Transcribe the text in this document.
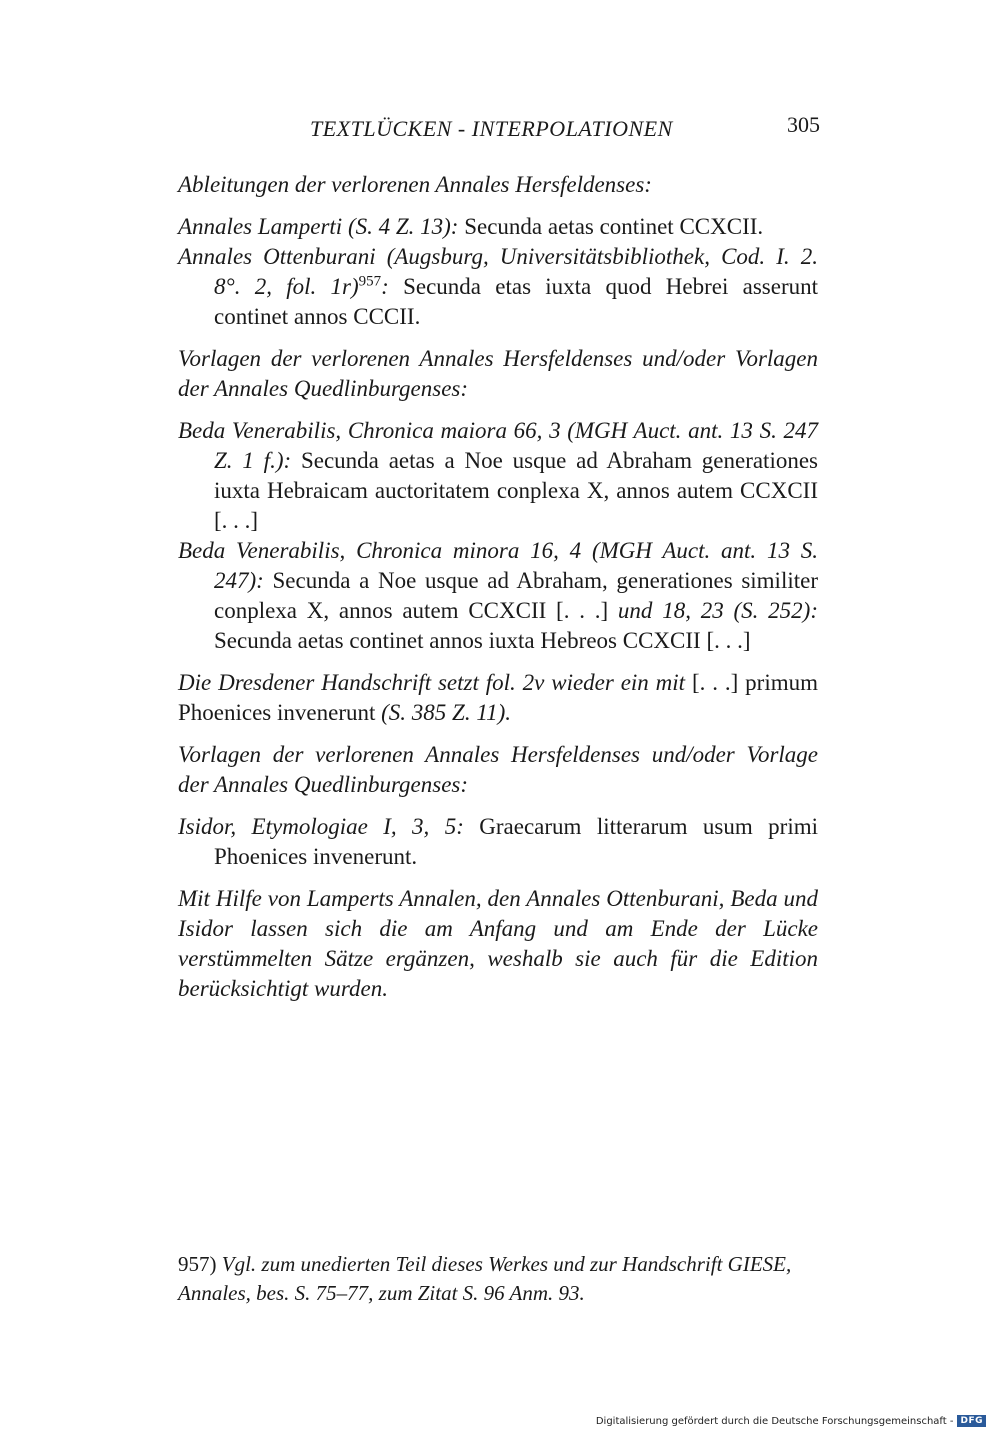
TEXTLÜCKEN - INTERPOLATIONEN	305

Ableitungen der verlorenen Annales Hersfeldenses:

Annales Lamperti (S. 4 Z. 13): Secunda aetas continet CCXCII.

Annales Ottenburani (Augsburg, Universitätsbibliothek, Cod. I. 2. 8°. 2, fol. 1r)$^{957}$: Secunda etas iuxta quod Hebrei asserunt continet annos CCCII.

Vorlagen der verlorenen Annales Hersfeldenses und/oder Vorlagen der Annales Quedlinburgenses:

Beda Venerabilis, Chronica maiora 66, 3 (MGH Auct. ant. 13 S. 247 Z. 1 f.): Secunda aetas a Noe usque ad Abraham generationes iuxta Hebraicam auctoritatem conplexa X, annos autem CCXCII [. . .]

Beda Venerabilis, Chronica minora 16, 4 (MGH Auct. ant. 13 S. 247): Secunda a Noe usque ad Abraham, generationes similiter conplexa X, annos autem CCXCII [. . .] und 18, 23 (S. 252): Secunda aetas continet annos iuxta Hebreos CCXCII [. . .]

Die Dresdener Handschrift setzt fol. 2v wieder ein mit [. . .] primum Phoenices invenerunt (S. 385 Z. 11).

Vorlagen der verlorenen Annales Hersfeldenses und/oder Vorlage der Annales Quedlinburgenses:

Isidor, Etymologiae I, 3, 5: Graecarum litterarum usum primi Phoenices invenerunt.

Mit Hilfe von Lamperts Annalen, den Annales Ottenburani, Beda und Isidor lassen sich die am Anfang und am Ende der Lücke verstümmelten Sätze ergänzen, weshalb sie auch für die Edition berücksichtigt wurden.

957) Vgl. zum unedierten Teil dieses Werkes und zur Handschrift GIESE, Annales, bes. S. 75–77, zum Zitat S. 96 Anm. 93.
Digitalisierung gefördert durch die Deutsche Forschungsgemeinschaft - DFG
